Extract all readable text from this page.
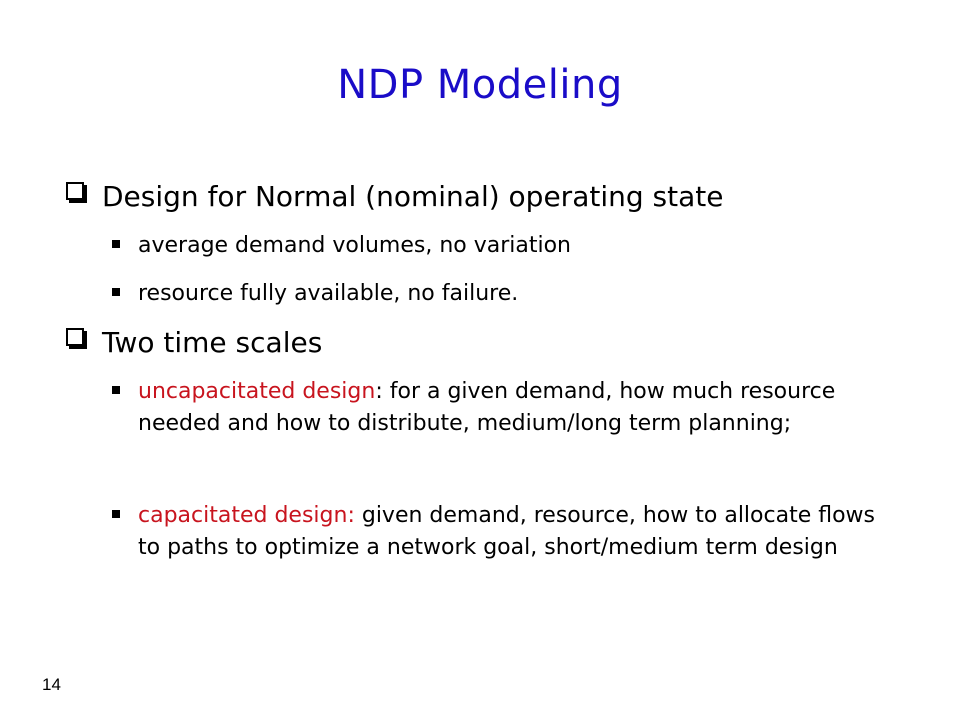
NDP Modeling
Design for Normal (nominal) operating state
average demand volumes, no variation
resource fully available, no failure.
Two time scales
uncapacitated design: for a given demand, how much resource needed and how to distribute, medium/long term planning;
capacitated design: given demand, resource, how to allocate flows to paths to optimize a network goal, short/medium term design
14
